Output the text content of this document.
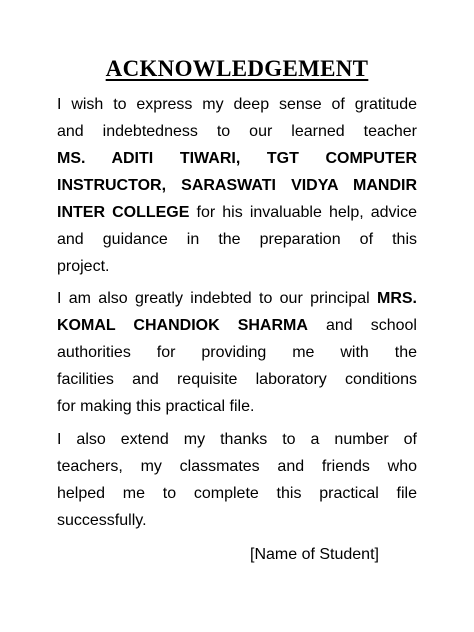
ACKNOWLEDGEMENT
I wish to express my deep sense of gratitude
and indebtedness to our learned teacher
MS. ADITI TIWARI, TGT COMPUTER
INSTRUCTOR, SARASWATI VIDYA MANDIR
INTER COLLEGE for his invaluable help, advice
and guidance in the preparation of this
project.
I am also greatly indebted to our principal MRS.
KOMAL CHANDIOK SHARMA and school
authorities for providing me with the
facilities and requisite laboratory conditions
for making this practical file.
I also extend my thanks to a number of
teachers, my classmates and friends who
helped me to complete this practical file
successfully.
[Name of Student]
